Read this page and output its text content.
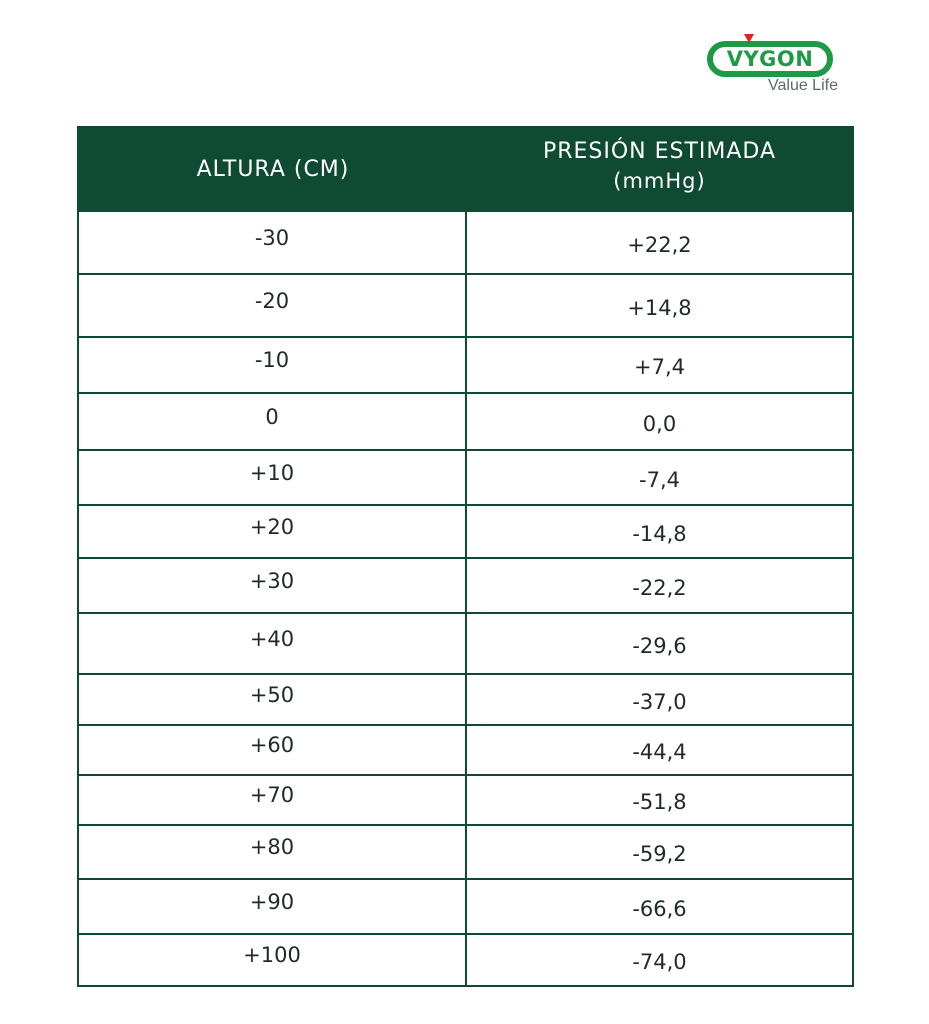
VYGON
Value Life
ALTURA (CM)
PRESIÓN ESTIMADA
(mmHg)
-30	+22,2
-20	+14,8
-10	+7,4
0	0,0
+10	-7,4
+20	-14,8
+30	-22,2
+40	-29,6
+50	-37,0
+60	-44,4
+70	-51,8
+80	-59,2
+90	-66,6
+100	-74,0
